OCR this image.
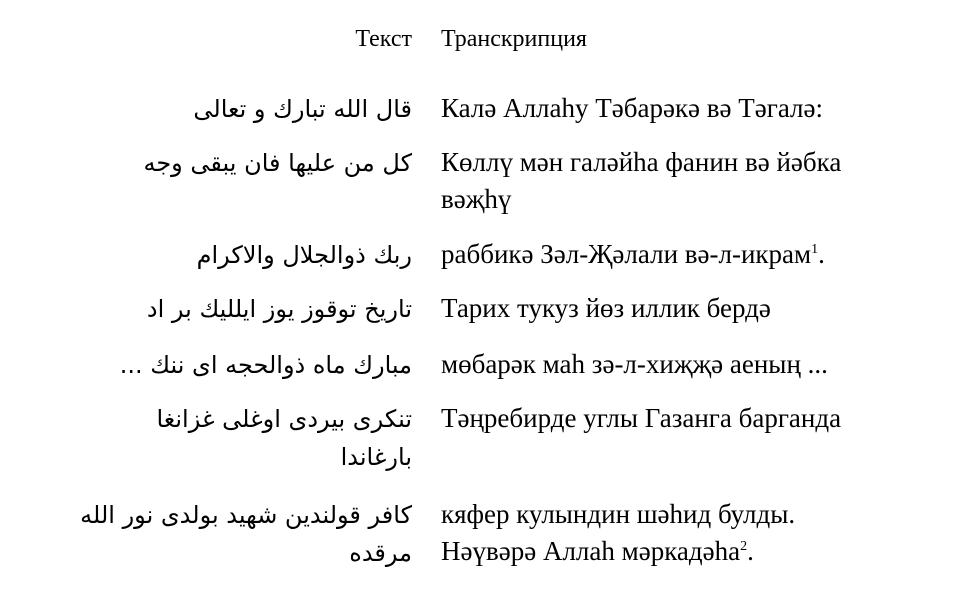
Текст Транскрипция
قال الله تبارك و تعالى Калә Аллаһу Тәбарәкә вә Тәгалә:
كل من عليها فان يبقى وجه Көллү мән галәйһа фанин вә йәбка вәҗһү
ربك ذوالجلال والاكرام раббикә Зәл-Җәлали вә-л-икрам$^1$.
تاريخ توقوز يوز ايلليك بر اد Тарих тукуз йөз иллик бердә
مبارك ماه ذوالحجه اى ننك ... мөбарәк маһ зә-л-хиҗҗә аеның ...
تنكرى بيردى اوغلى غزانغا بارغاندا
Тәңребирде углы Газанга барганда
كافر قولندين شهيد بولدى نور الله مرقده
кяфер кулындин шәһид булды.
Нәүвәрә Аллаһ мәркадәһа$^2$.
